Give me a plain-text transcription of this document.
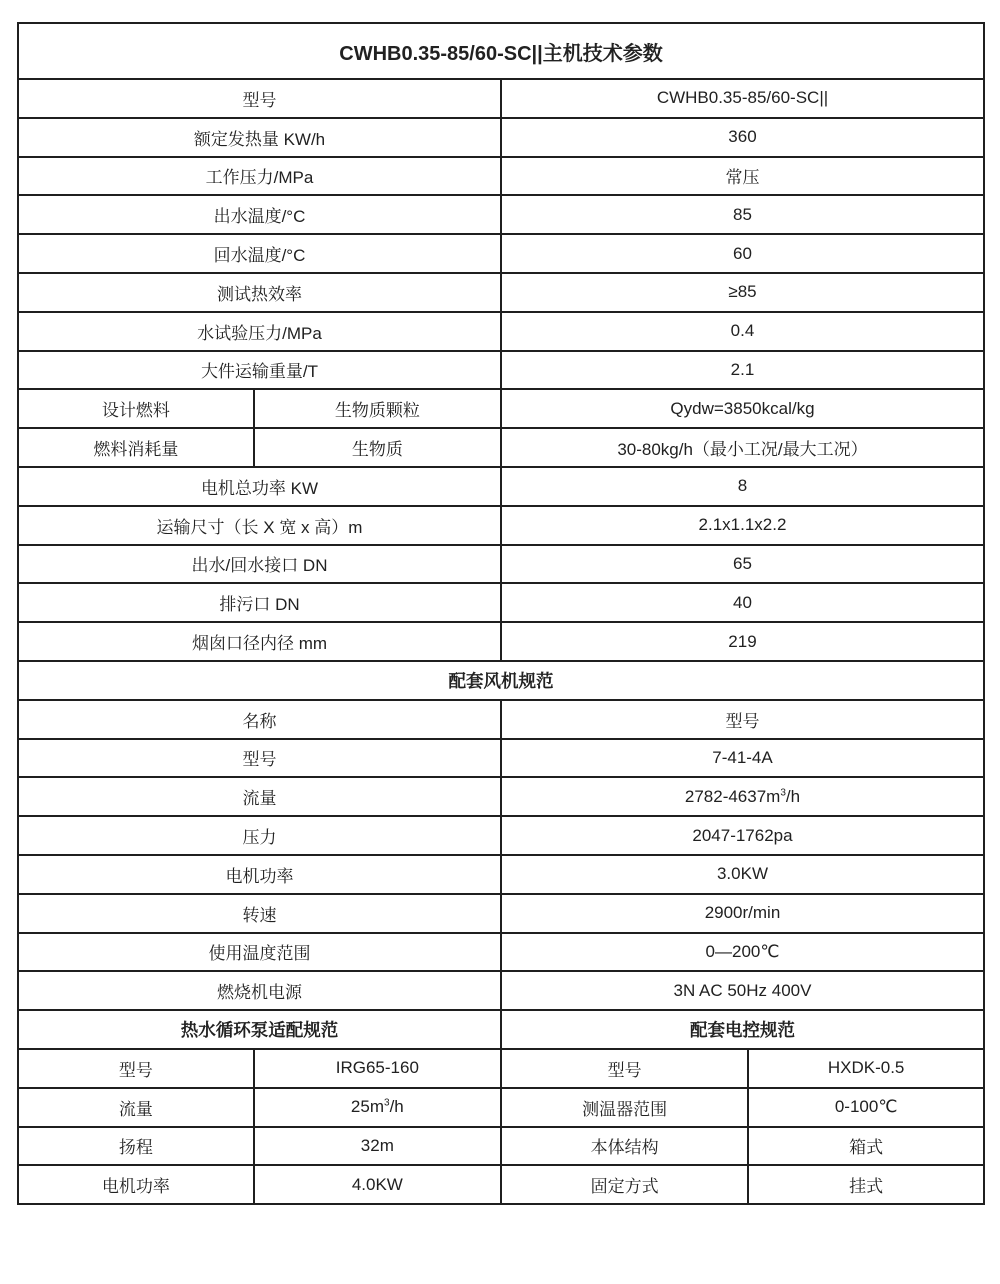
CWHB0.35-85/60-SC||主机技术参数			
型号		CWHB0.35-85/60-SC||	
额定发热量 KW/h		360	
工作压力/MPa		常压	
出水温度/°C		85	
回水温度/°C		60	
测试热效率		≥85	
水试验压力/MPa		0.4	
大件运输重量/T		2.1	
设计燃料	生物质颗粒	Qydw=3850kcal/kg	
燃料消耗量	生物质	30-80kg/h（最小工况/最大工况）	
电机总功率 KW		8	
运输尺寸（长 X 宽 x 高）m		2.1x1.1x2.2	
出水/回水接口 DN		65	
排污口 DN		40	
烟囱口径内径 mm		219	
配套风机规范			
名称		型号	
型号		7-41-4A	
流量		$2782-4637m^3/h$	
压力		2047-1762pa	
电机功率		3.0KW	
转速		2900r/min	
使用温度范围		0—200℃	
燃烧机电源		3N AC 50Hz 400V	
热水循环泵适配规范		配套电控规范	
型号	IRG65-160	型号	HXDK-0.5
流量	$25m^3/h$	测温器范围	0-100℃
扬程	32m	本体结构	箱式
电机功率	4.0KW	固定方式	挂式
